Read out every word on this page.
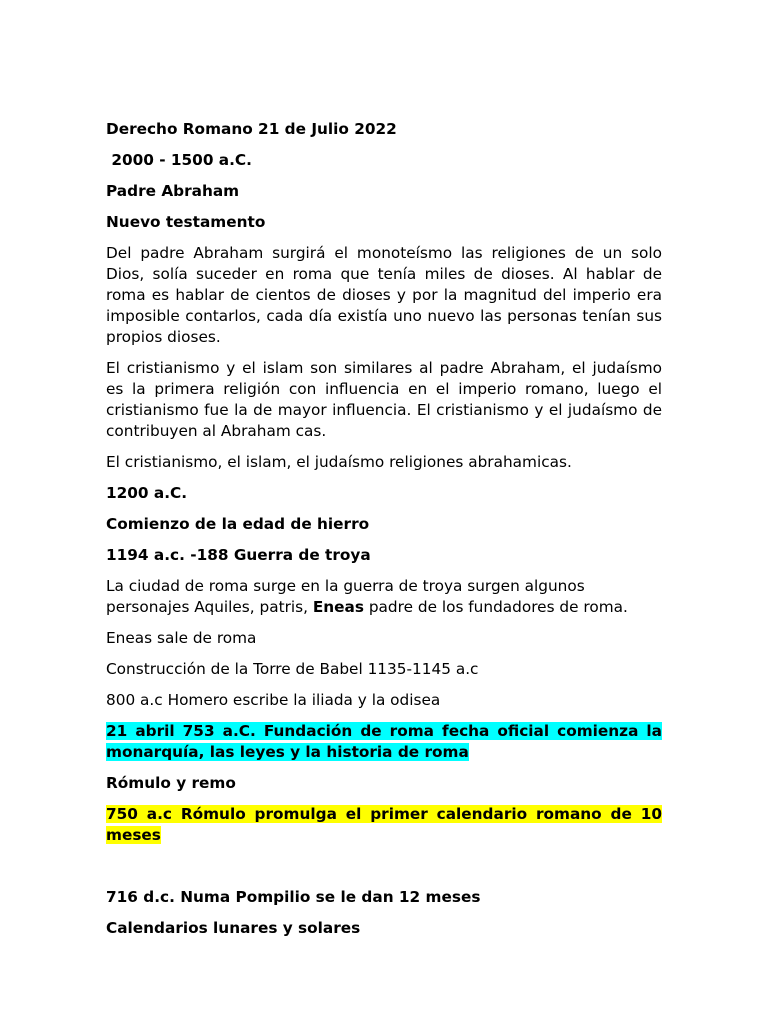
Derecho Romano 21 de Julio 2022

2000 - 1500 a.C.

Padre Abraham

Nuevo testamento

Del padre Abraham surgirá el monoteísmo las religiones de un solo Dios, solía suceder en roma que tenía miles de dioses. Al hablar de roma es hablar de cientos de dioses y por la magnitud del imperio era imposible contarlos, cada día existía uno nuevo las personas tenían sus propios dioses.

El cristianismo y el islam son similares al padre Abraham, el judaísmo es la primera religión con influencia en el imperio romano, luego el cristianismo fue la de mayor influencia. El cristianismo y el judaísmo de contribuyen al Abraham cas.

El cristianismo, el islam, el judaísmo religiones abrahamicas.

1200 a.C.

Comienzo de la edad de hierro

1194 a.c. -188 Guerra de troya

La ciudad de roma surge en la guerra de troya surgen algunos personajes Aquiles, patris, Eneas padre de los fundadores de roma.

Eneas sale de roma

Construcción de la Torre de Babel 1135-1145 a.c

800 a.c Homero escribe la iliada y la odisea

21 abril 753 a.C. Fundación de roma fecha oficial comienza la monarquía, las leyes y la historia de roma

Rómulo y remo

750 a.c Rómulo promulga el primer calendario romano de 10 meses

716 d.c. Numa Pompilio se le dan 12 meses

Calendarios lunares y solares
